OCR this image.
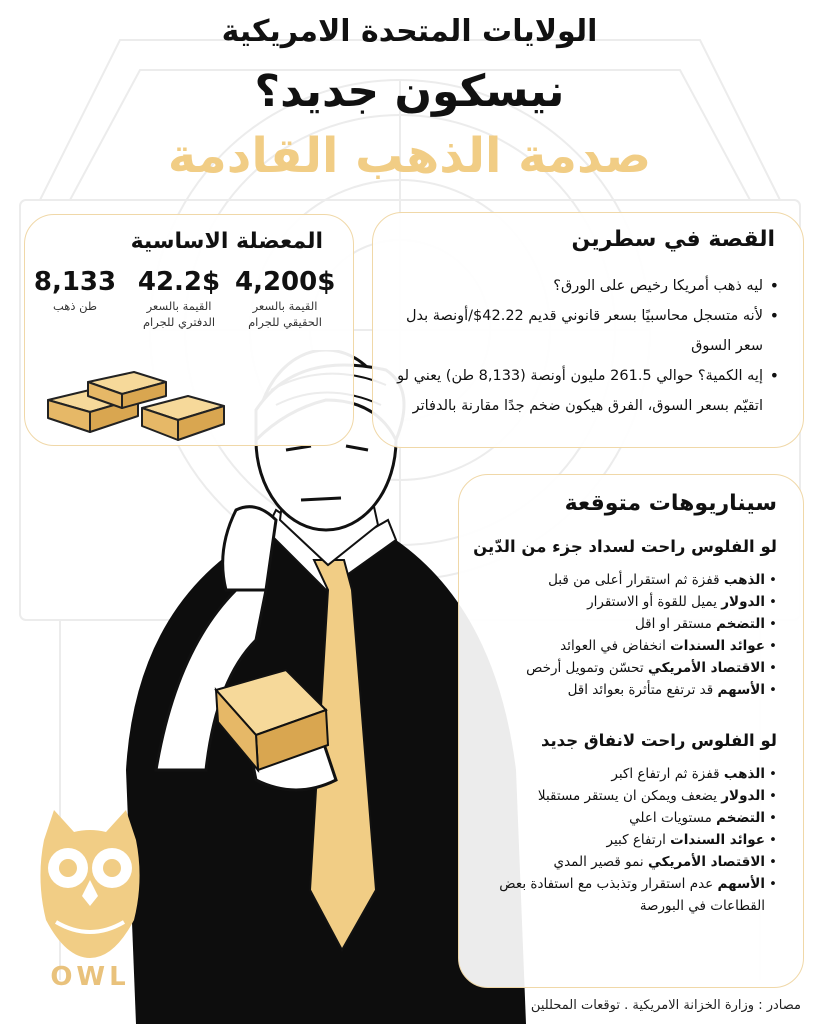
الولايات المتحدة الامريكية
نيسكون جديد؟
صدمة الذهب القادمة
المعضلة الاساسية
4,200$
القيمة بالسعر الحقيقي للجرام
42.2$
القيمة بالسعر الدفتري للجرام
8,133
طن ذهب
القصة في سطرين
• ليه ذهب أمريكا رخيص على الورق؟
• لأنه متسجل محاسبيًا بسعر قانوني قديم 42.22$/أونصة بدل سعر السوق
• إيه الكمية؟ حوالي 261.5 مليون أونصة (8,133 طن) يعني لو اتقيّم بسعر السوق، الفرق هيكون ضخم جدًا مقارنة بالدفاتر
سيناريوهات متوقعة
لو الفلوس راحت لسداد جزء من الدّين
• الذهب قفزة ثم استقرار أعلى من قبل
• الدولار يميل للقوة أو الاستقرار
• التضخم مستقر او اقل
• عوائد السندات انخفاض في العوائد
• الاقتصاد الأمريكي تحسّن وتمويل أرخص
• الأسهم قد ترتفع متأثرة بعوائد اقل
لو الفلوس راحت لانفاق جديد
• الذهب قفزة ثم ارتفاع اكبر
• الدولار يضعف ويمكن ان يستقر مستقبلا
• التضخم مستويات اعلي
• عوائد السندات ارتفاع كبير
• الاقتصاد الأمريكي نمو قصير المدي
• الأسهم عدم استقرار وتذبذب مع استفادة بعض القطاعات في البورصة
OWL
مصادر : وزارة الخزانة الامريكية . توقعات المحللين
